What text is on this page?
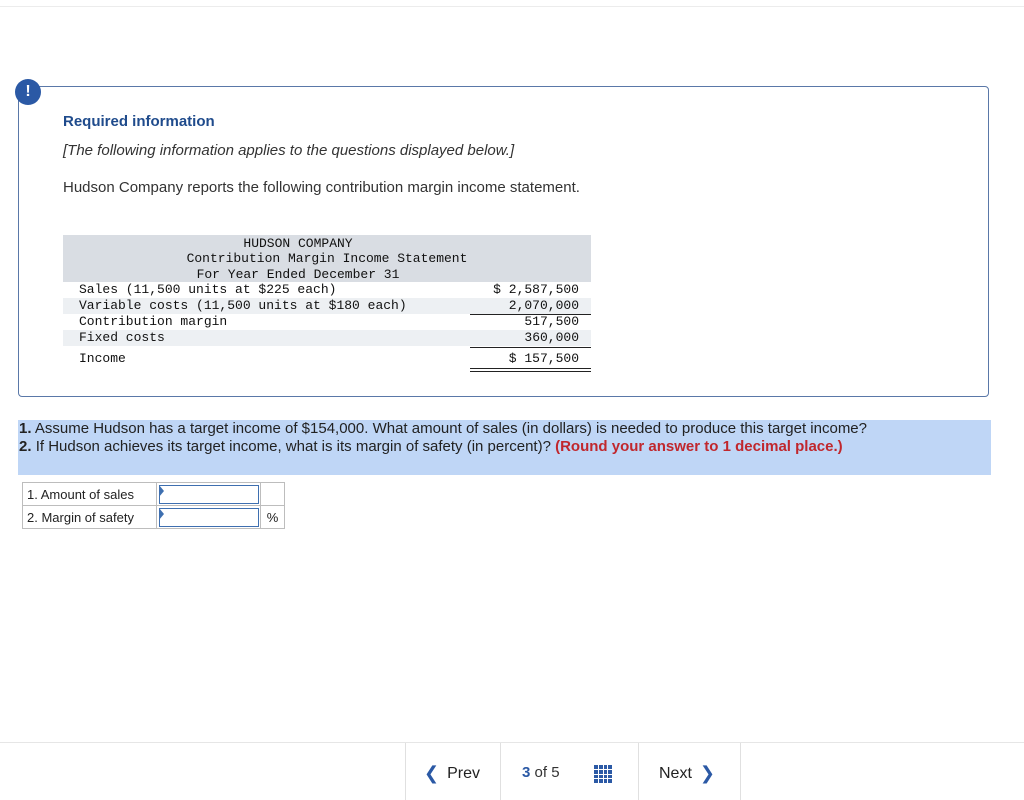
!
Required information
[The following information applies to the questions displayed below.]
Hudson Company reports the following contribution margin income statement.
HUDSON COMPANY
Contribution Margin Income Statement
For Year Ended December 31
Sales (11,500 units at $225 each)	$ 2,587,500
Variable costs (11,500 units at $180 each)	2,070,000
Contribution margin	517,500
Fixed costs	360,000
Income	$ 157,500
1. Assume Hudson has a target income of $154,000. What amount of sales (in dollars) is needed to produce this target income?
2. If Hudson achieves its target income, what is its margin of safety (in percent)? (Round your answer to 1 decimal place.)
1. Amount of sales	

2. Margin of safety		%
❮ Prev	3 of 5	Next ❯
